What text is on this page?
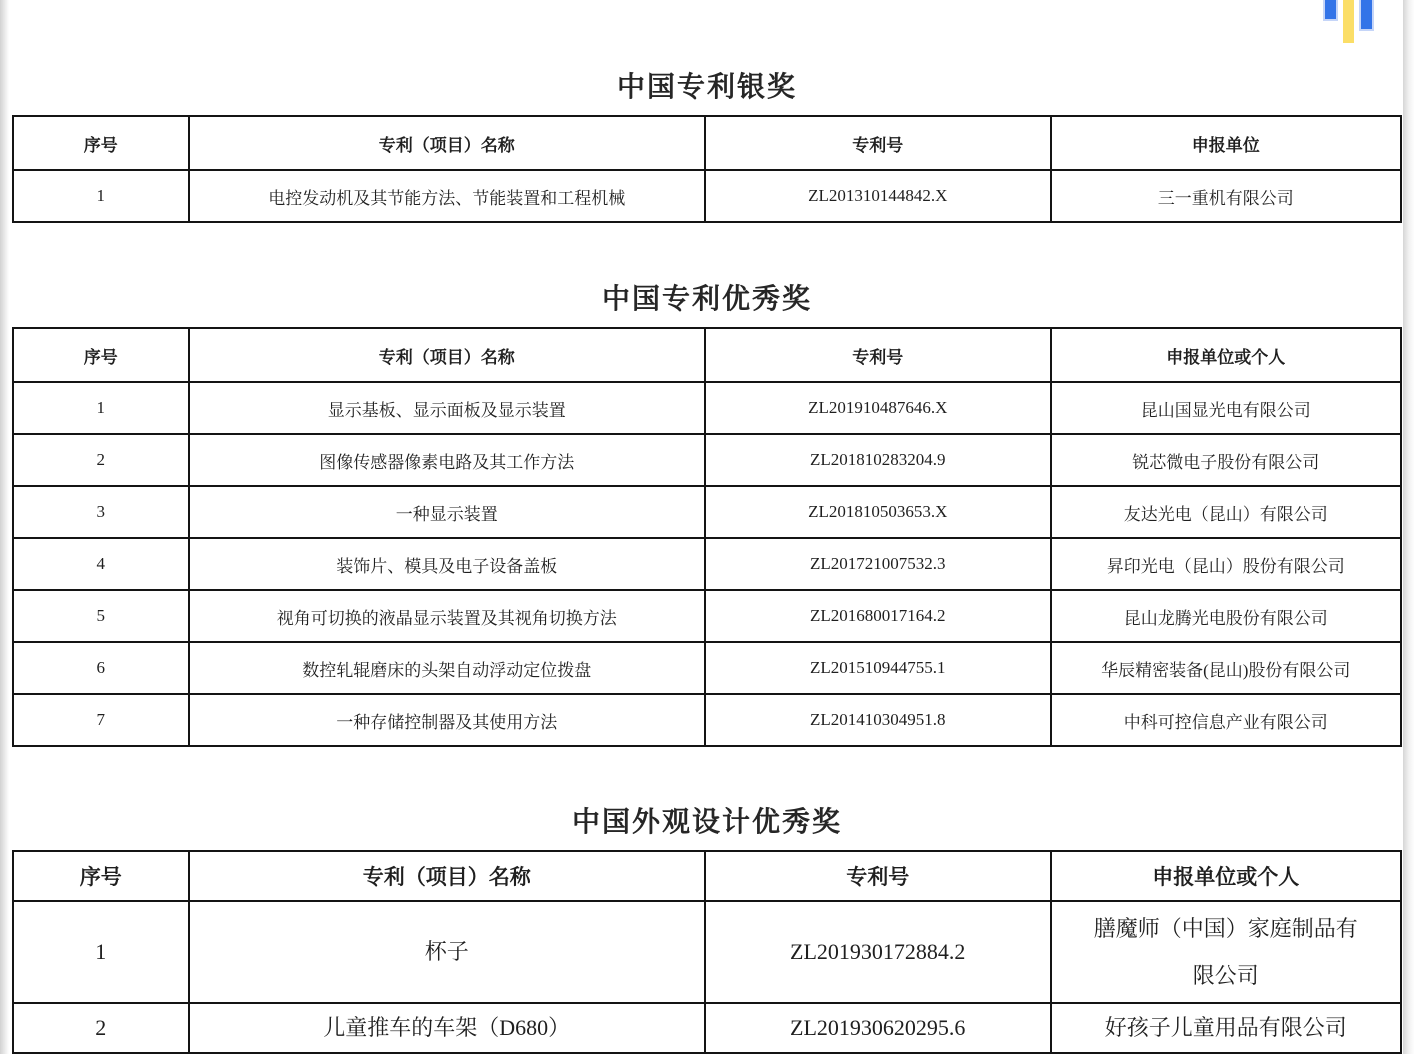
中国专利银奖
序号	专利（项目）名称	专利号	申报单位
1	电控发动机及其节能方法、节能装置和工程机械	ZL201310144842.X	三一重机有限公司
中国专利优秀奖
序号	专利（项目）名称	专利号	申报单位或个人
1	显示基板、显示面板及显示装置	ZL201910487646.X	昆山国显光电有限公司
2	图像传感器像素电路及其工作方法	ZL201810283204.9	锐芯微电子股份有限公司
3	一种显示装置	ZL201810503653.X	友达光电（昆山）有限公司
4	装饰片、模具及电子设备盖板	ZL201721007532.3	昇印光电（昆山）股份有限公司
5	视角可切换的液晶显示装置及其视角切换方法	ZL201680017164.2	昆山龙腾光电股份有限公司
6	数控轧辊磨床的头架自动浮动定位拨盘	ZL201510944755.1	华辰精密装备(昆山)股份有限公司
7	一种存储控制器及其使用方法	ZL201410304951.8	中科可控信息产业有限公司
中国外观设计优秀奖
序号	专利（项目）名称	专利号	申报单位或个人
1	杯子	ZL201930172884.2	膳魔师（中国）家庭制品有限公司
2	儿童推车的车架（D680）	ZL201930620295.6	好孩子儿童用品有限公司
